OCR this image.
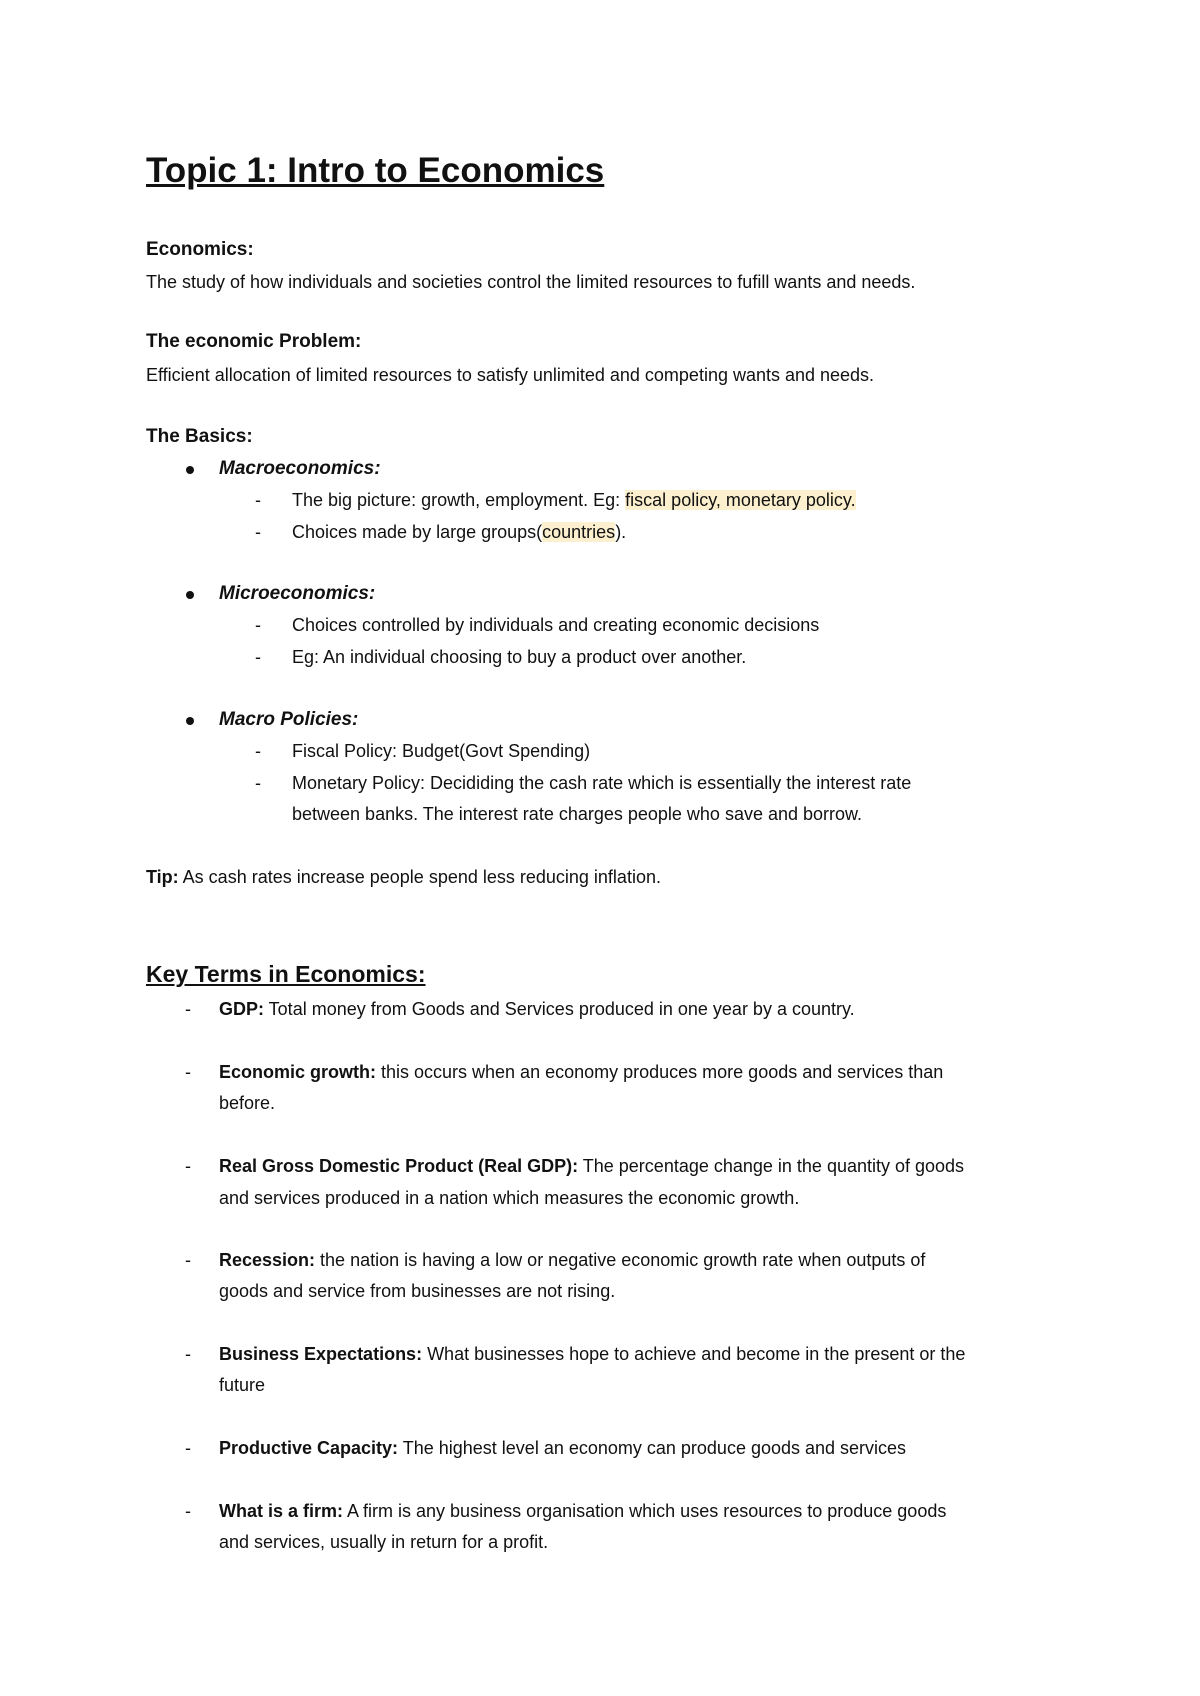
Topic 1: Intro to Economics
Economics:
The study of how individuals and societies control the limited resources to fufill wants and needs.
The economic Problem:
Efficient allocation of limited resources to satisfy unlimited and competing wants and needs.
The Basics:
Macroeconomics:
- The big picture: growth, employment. Eg: fiscal policy, monetary policy.
- Choices made by large groups(countries).
Microeconomics:
- Choices controlled by individuals and creating economic decisions
- Eg: An individual choosing to buy a product over another.
Macro Policies:
- Fiscal Policy: Budget(Govt Spending)
- Monetary Policy: Decididing the cash rate which is essentially the interest rate
between banks. The interest rate charges people who save and borrow.
Tip: As cash rates increase people spend less reducing inflation.
Key Terms in Economics:
- GDP: Total money from Goods and Services produced in one year by a country.
- Economic growth: this occurs when an economy produces more goods and services than
before.
- Real Gross Domestic Product (Real GDP): The percentage change in the quantity of goods
and services produced in a nation which measures the economic growth.
- Recession: the nation is having a low or negative economic growth rate when outputs of
goods and service from businesses are not rising.
- Business Expectations: What businesses hope to achieve and become in the present or the
future
- Productive Capacity: The highest level an economy can produce goods and services
- What is a firm: A firm is any business organisation which uses resources to produce goods
and services, usually in return for a profit.
